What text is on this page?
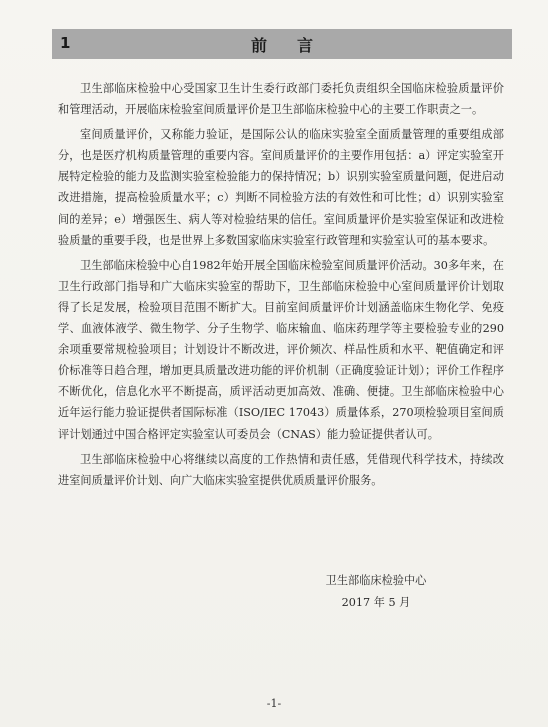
1	前言

卫生部临床检验中心受国家卫生计生委行政部门委托负责组织全国临床检验质量评价和管理活动，开展临床检验室间质量评价是卫生部临床检验中心的主要工作职责之一。

室间质量评价，又称能力验证，是国际公认的临床实验室全面质量管理的重要组成部分，也是医疗机构质量管理的重要内容。室间质量评价的主要作用包括：a）评定实验室开展特定检验的能力及监测实验室检验能力的保持情况；b）识别实验室质量问题，促进启动改进措施，提高检验质量水平；c）判断不同检验方法的有效性和可比性；d）识别实验室间的差异；e）增强医生、病人等对检验结果的信任。室间质量评价是实验室保证和改进检验质量的重要手段，也是世界上多数国家临床实验室行政管理和实验室认可的基本要求。

卫生部临床检验中心自1982年始开展全国临床检验室间质量评价活动。30多年来，在卫生行政部门指导和广大临床实验室的帮助下，卫生部临床检验中心室间质量评价计划取得了长足发展，检验项目范围不断扩大。目前室间质量评价计划涵盖临床生物化学、免疫学、血液体液学、微生物学、分子生物学、临床输血、临床药理学等主要检验专业的290余项重要常规检验项目；计划设计不断改进，评价频次、样品性质和水平、靶值确定和评价标准等日趋合理，增加更具质量改进功能的评价机制（正确度验证计划）；评价工作程序不断优化，信息化水平不断提高，质评活动更加高效、准确、便捷。卫生部临床检验中心近年运行能力验证提供者国际标准（ISO/IEC 17043）质量体系，270项检验项目室间质评计划通过中国合格评定实验室认可委员会（CNAS）能力验证提供者认可。

卫生部临床检验中心将继续以高度的工作热情和责任感，凭借现代科学技术，持续改进室间质量评价计划、向广大临床实验室提供优质质量评价服务。

卫生部临床检验中心
2017 年 5 月
-1-
